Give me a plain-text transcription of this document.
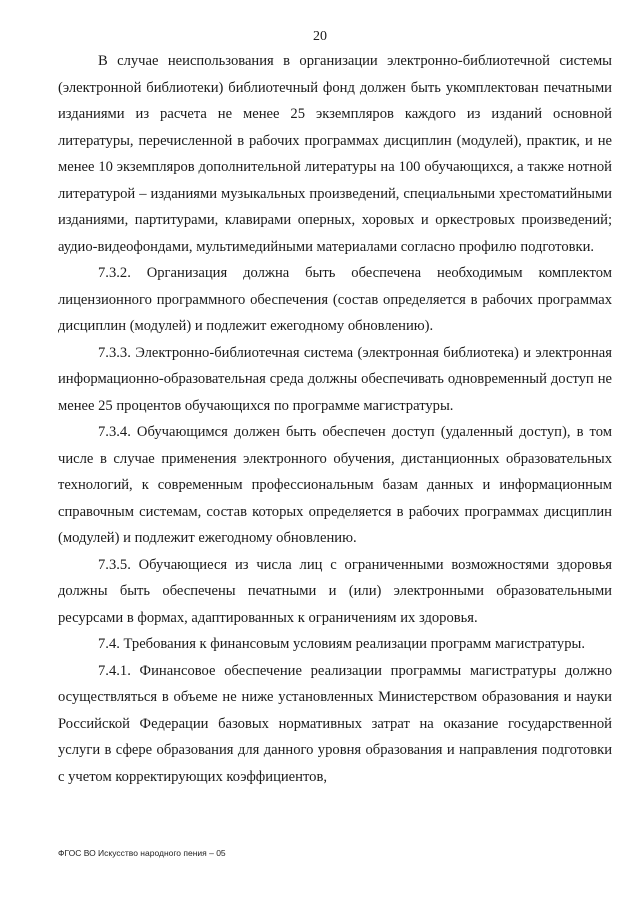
20

В случае неиспользования в организации электронно-библиотечной системы (электронной библиотеки) библиотечный фонд должен быть укомплектован печатными изданиями из расчета не менее 25 экземпляров каждого из изданий основной литературы, перечисленной в рабочих программах дисциплин (модулей), практик, и не менее 10 экземпляров дополнительной литературы на 100 обучающихся, а также нотной литературой – изданиями музыкальных произведений, специальными хрестоматийными изданиями, партитурами, клавирами оперных, хоровых и оркестровых произведений; аудио-видеофондами, мультимедийными материалами согласно профилю подготовки.

7.3.2. Организация должна быть обеспечена необходимым комплектом лицензионного программного обеспечения (состав определяется в рабочих программах дисциплин (модулей) и подлежит ежегодному обновлению).

7.3.3. Электронно-библиотечная система (электронная библиотека) и электронная информационно-образовательная среда должны обеспечивать одновременный доступ не менее 25 процентов обучающихся по программе магистратуры.

7.3.4. Обучающимся должен быть обеспечен доступ (удаленный доступ), в том числе в случае применения электронного обучения, дистанционных образовательных технологий, к современным профессиональным базам данных и информационным справочным системам, состав которых определяется в рабочих программах дисциплин (модулей) и подлежит ежегодному обновлению.

7.3.5. Обучающиеся из числа лиц с ограниченными возможностями здоровья должны быть обеспечены печатными и (или) электронными образовательными ресурсами в формах, адаптированных к ограничениям их здоровья.

7.4. Требования к финансовым условиям реализации программ магистратуры.

7.4.1. Финансовое обеспечение реализации программы магистратуры должно осуществляться в объеме не ниже установленных Министерством образования и науки Российской Федерации базовых нормативных затрат на оказание государственной услуги в сфере образования для данного уровня образования и направления подготовки с учетом корректирующих коэффициентов,

ФГОС ВО Искусство народного пения – 05
